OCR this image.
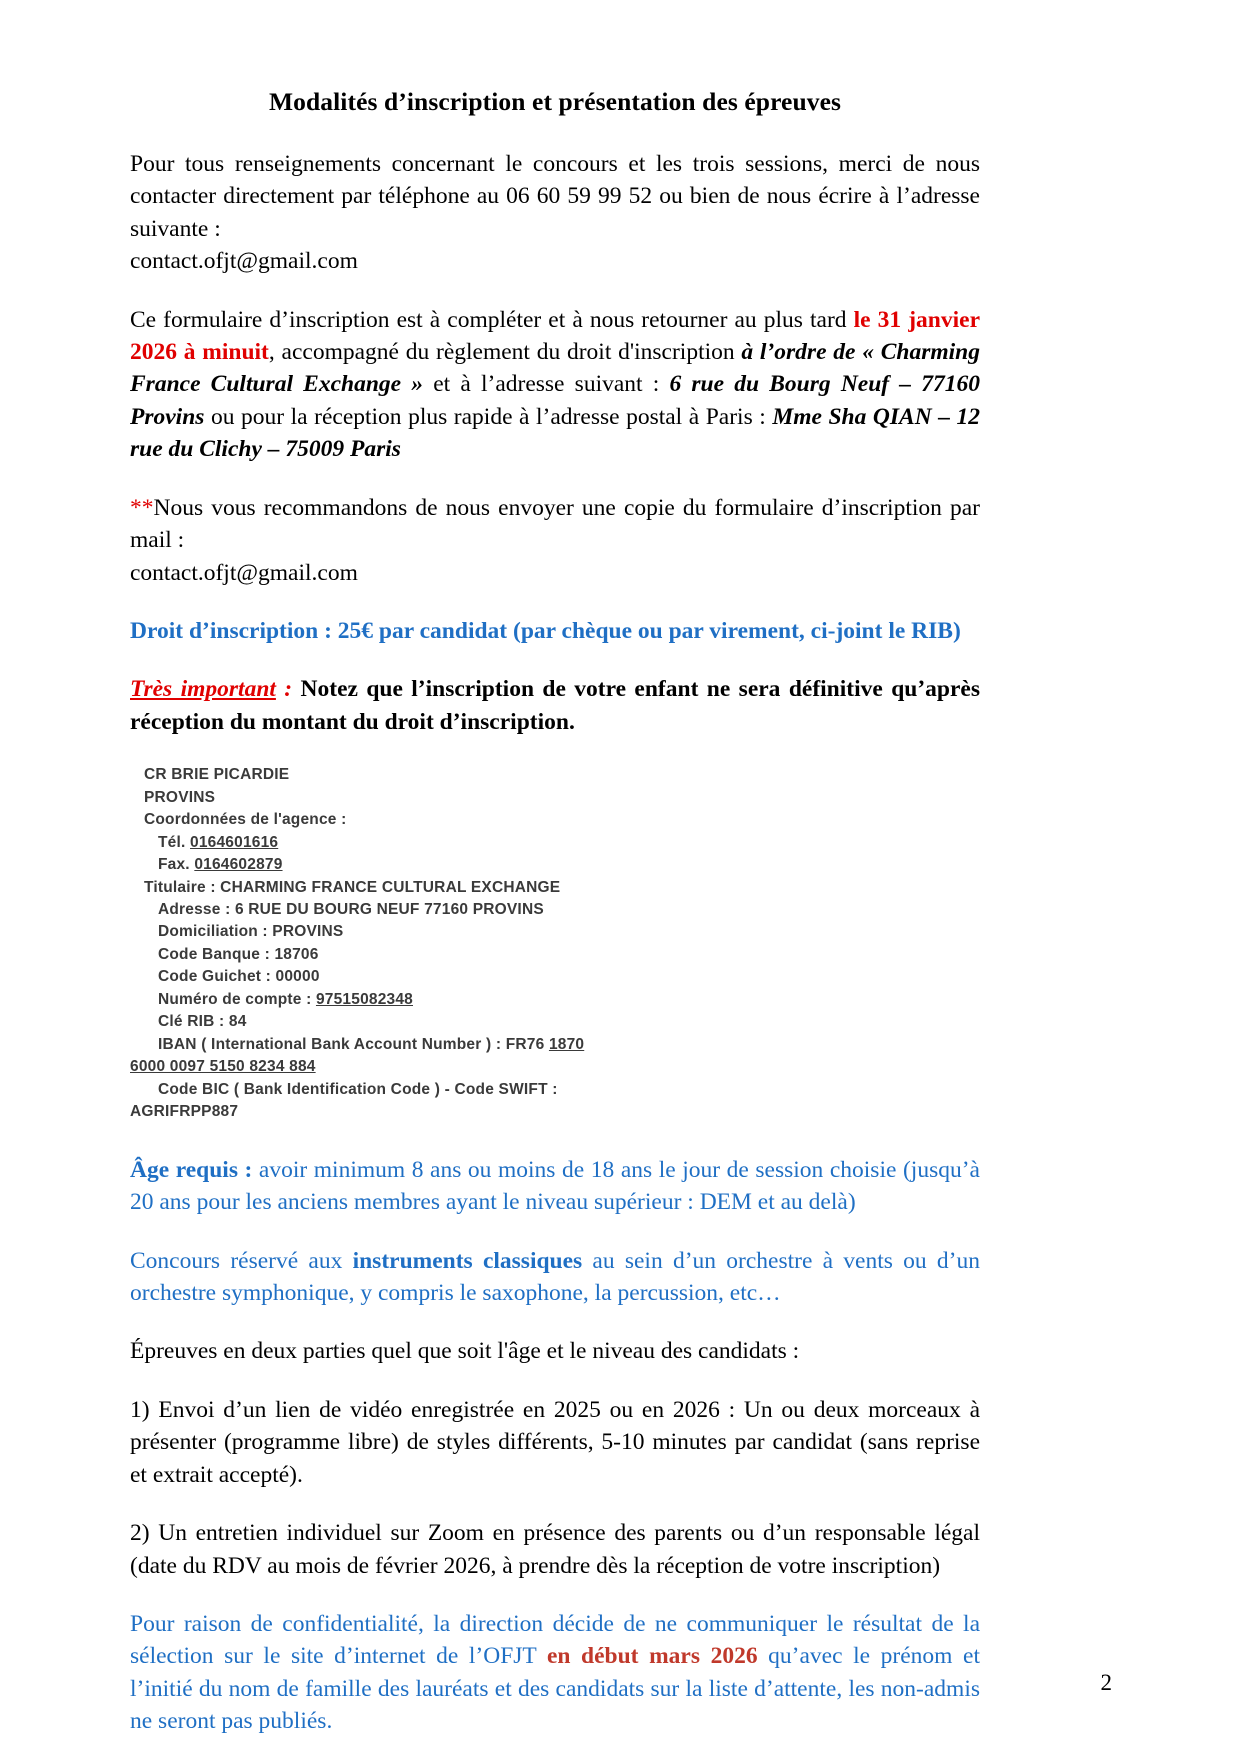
Modalités d’inscription et présentation des épreuves

Pour tous renseignements concernant le concours et les trois sessions, merci de nous contacter directement par téléphone au 06 60 59 99 52 ou bien de nous écrire à l’adresse suivante :
contact.ofjt@gmail.com

Ce formulaire d’inscription est à compléter et à nous retourner au plus tard le 31 janvier 2026 à minuit, accompagné du règlement du droit d'inscription à l’ordre de « Charming France Cultural Exchange » et à l’adresse suivant : 6 rue du Bourg Neuf – 77160 Provins ou pour la réception plus rapide à l’adresse postal à Paris : Mme Sha QIAN – 12 rue du Clichy – 75009 Paris

**Nous vous recommandons de nous envoyer une copie du formulaire d’inscription par mail :
contact.ofjt@gmail.com

Droit d’inscription : 25€ par candidat (par chèque ou par virement, ci-joint le RIB)

Très important : Notez que l’inscription de votre enfant ne sera définitive qu’après réception du montant du droit d’inscription.

CR BRIE PICARDIE
PROVINS
Coordonnées de l'agence :
Tél. 0164601616
Fax. 0164602879
Titulaire : CHARMING FRANCE CULTURAL EXCHANGE
Adresse : 6 RUE DU BOURG NEUF 77160 PROVINS
Domiciliation : PROVINS
Code Banque : 18706
Code Guichet : 00000
Numéro de compte : 97515082348
Clé RIB : 84
IBAN ( International Bank Account Number ) : FR76 1870
6000 0097 5150 8234 884
Code BIC ( Bank Identification Code ) - Code SWIFT :
AGRIFRPP887

Âge requis : avoir minimum 8 ans ou moins de 18 ans le jour de session choisie (jusqu’à 20 ans pour les anciens membres ayant le niveau supérieur : DEM et au delà)

Concours réservé aux instruments classiques au sein d’un orchestre à vents ou d’un orchestre symphonique, y compris le saxophone, la percussion, etc…

Épreuves en deux parties quel que soit l'âge et le niveau des candidats :

1) Envoi d’un lien de vidéo enregistrée en 2025 ou en 2026 : Un ou deux morceaux à présenter (programme libre) de styles différents, 5-10 minutes par candidat (sans reprise et extrait accepté).

2) Un entretien individuel sur Zoom en présence des parents ou d’un responsable légal (date du RDV au mois de février 2026, à prendre dès la réception de votre inscription)

Pour raison de confidentialité, la direction décide de ne communiquer le résultat de la sélection sur le site d’internet de l’OFJT en début mars 2026 qu’avec le prénom et l’initié du nom de famille des lauréats et des candidats sur la liste d’attente, les non-admis ne seront pas publiés.

2
